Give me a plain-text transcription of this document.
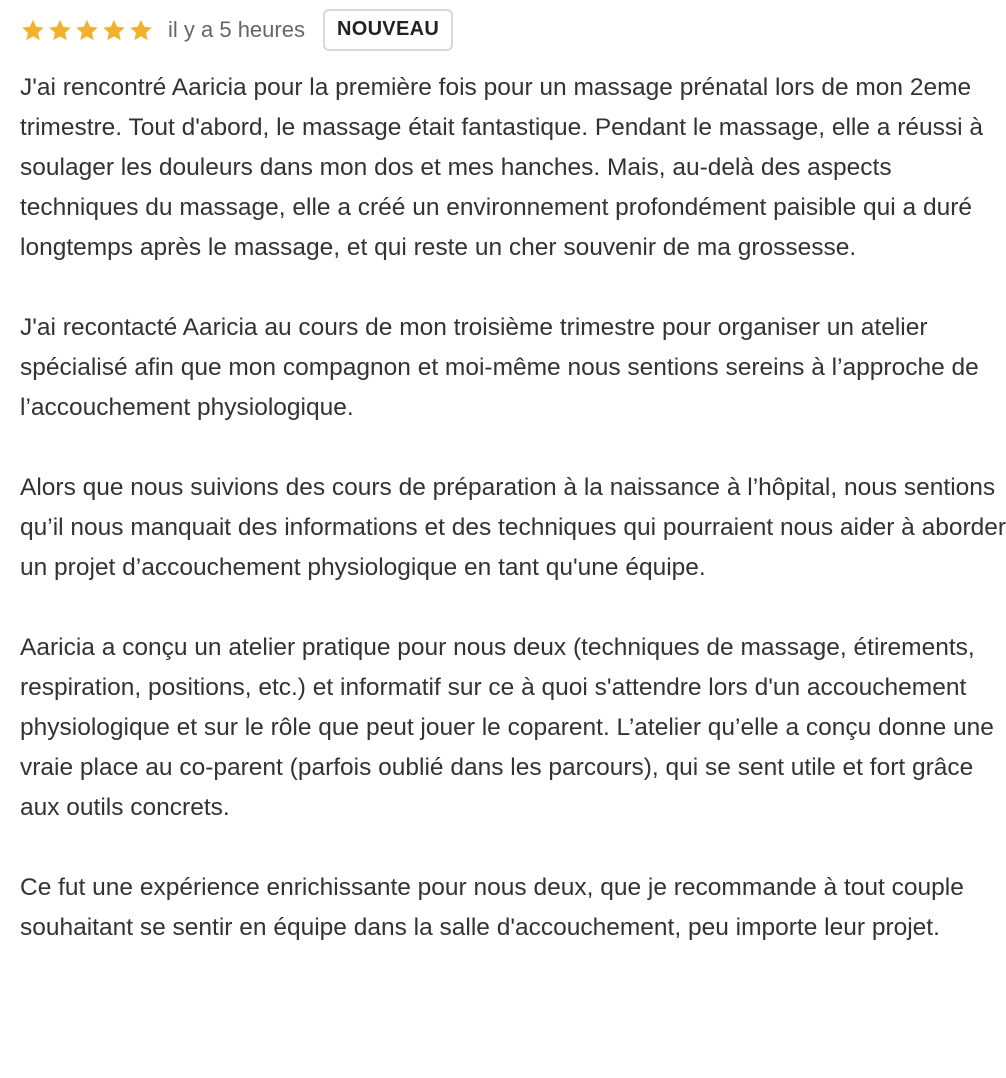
il y a 5 heures	NOUVEAU

J'ai rencontré Aaricia pour la première fois pour un massage prénatal lors de mon 2eme trimestre. Tout d'abord, le massage était fantastique. Pendant le massage, elle a réussi à soulager les douleurs dans mon dos et mes hanches. Mais, au-delà des aspects techniques du massage, elle a créé un environnement profondément paisible qui a duré longtemps après le massage, et qui reste un cher souvenir de ma grossesse.

J'ai recontacté Aaricia au cours de mon troisième trimestre pour organiser un atelier spécialisé afin que mon compagnon et moi-même nous sentions sereins à l’approche de l’accouchement physiologique.

Alors que nous suivions des cours de préparation à la naissance à l’hôpital, nous sentions qu’il nous manquait des informations et des techniques qui pourraient nous aider à aborder un projet d’accouchement physiologique en tant qu'une équipe.

Aaricia a conçu un atelier pratique pour nous deux (techniques de massage, étirements, respiration, positions, etc.) et informatif sur ce à quoi s'attendre lors d'un accouchement physiologique et sur le rôle que peut jouer le coparent. L’atelier qu’elle a conçu donne une vraie place au co-parent (parfois oublié dans les parcours), qui se sent utile et fort grâce aux outils concrets.

Ce fut une expérience enrichissante pour nous deux, que je recommande à tout couple souhaitant se sentir en équipe dans la salle d'accouchement, peu importe leur projet.
